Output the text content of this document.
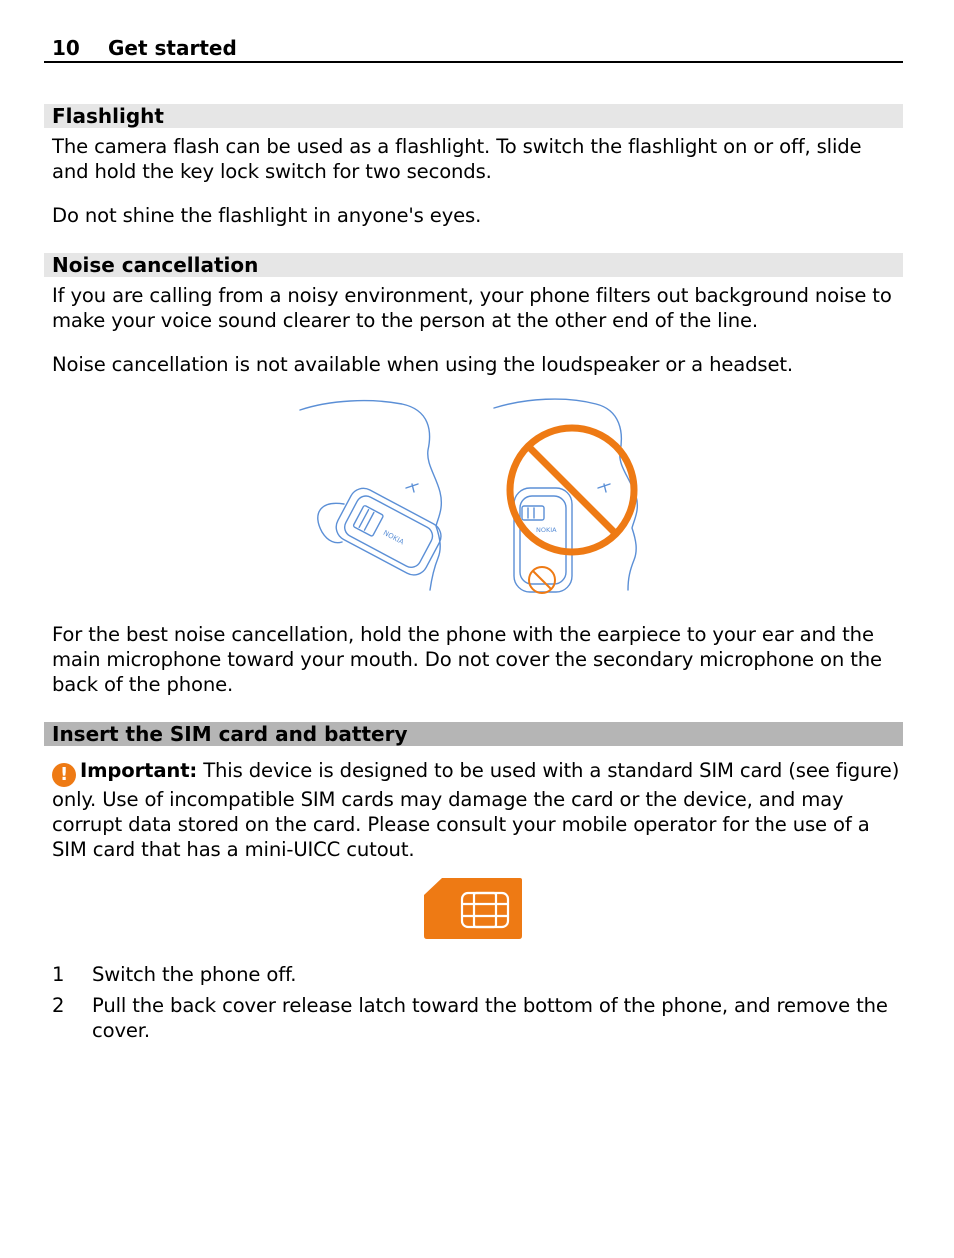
10 Get started
Flashlight

The camera flash can be used as a flashlight. To switch the flashlight on or off, slide and hold the key lock switch for two seconds.

Do not shine the flashlight in anyone's eyes.

Noise cancellation

If you are calling from a noisy environment, your phone filters out background noise to make your voice sound clearer to the person at the other end of the line.

Noise cancellation is not available when using the loudspeaker or a headset.

NOKIA	NOKIA

For the best noise cancellation, hold the phone with the earpiece to your ear and the main microphone toward your mouth. Do not cover the secondary microphone on the back of the phone.

Insert the SIM card and battery

! Important: This device is designed to be used with a standard SIM card (see figure) only. Use of incompatible SIM cards may damage the card or the device, and may corrupt data stored on the card. Please consult your mobile operator for the use of a SIM card that has a mini-UICC cutout.

1 Switch the phone off.
2 Pull the back cover release latch toward the bottom of the phone, and remove the cover.
